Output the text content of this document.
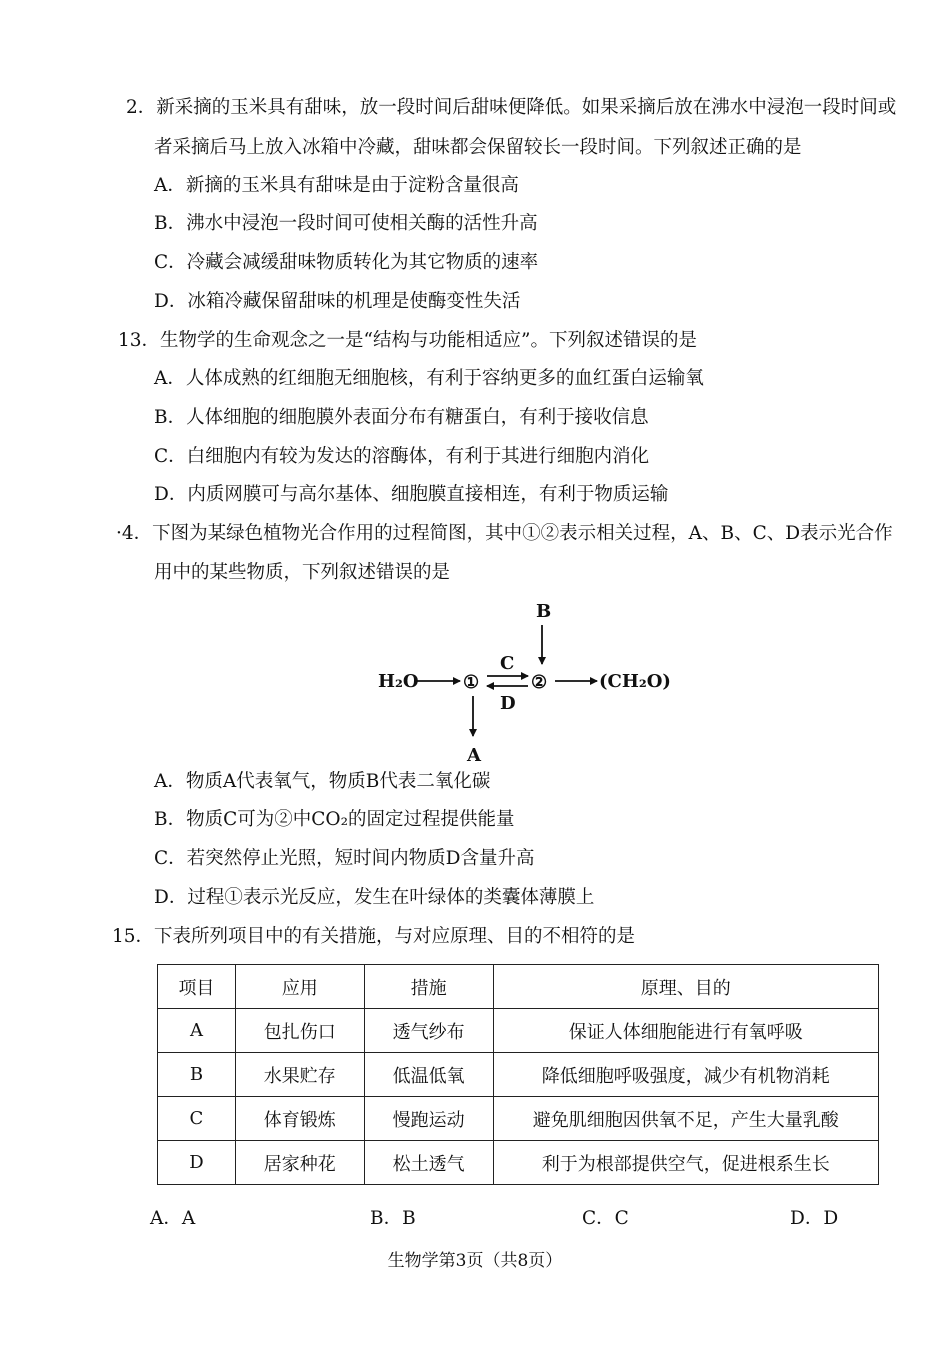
2．新采摘的玉米具有甜味，放一段时间后甜味便降低。如果采摘后放在沸水中浸泡一段时间或
者采摘后马上放入冰箱中冷藏，甜味都会保留较长一段时间。下列叙述正确的是
A．新摘的玉米具有甜味是由于淀粉含量很高
B．沸水中浸泡一段时间可使相关酶的活性升高
C．冷藏会减缓甜味物质转化为其它物质的速率
D．冰箱冷藏保留甜味的机理是使酶变性失活
13．生物学的生命观念之一是“结构与功能相适应”。下列叙述错误的是
A．人体成熟的红细胞无细胞核，有利于容纳更多的血红蛋白运输氧
B．人体细胞的细胞膜外表面分布有糖蛋白，有利于接收信息
C．白细胞内有较为发达的溶酶体，有利于其进行细胞内消化
D．内质网膜可与高尔基体、细胞膜直接相连，有利于物质运输
·4．下图为某绿色植物光合作用的过程简图，其中①②表示相关过程，A、B、C、D表示光合作
用中的某些物质，下列叙述错误的是
H₂O ①
C
D
②	(CH₂O)
B
A
A．物质A代表氧气，物质B代表二氧化碳
B．物质C可为②中CO₂的固定过程提供能量
C．若突然停止光照，短时间内物质D含量升高
D．过程①表示光反应，发生在叶绿体的类囊体薄膜上
15．下表所列项目中的有关措施，与对应原理、目的不相符的是
项目	应用	措施	原理、目的
A	包扎伤口	透气纱布	保证人体细胞能进行有氧呼吸
B	水果贮存	低温低氧	降低细胞呼吸强度，减少有机物消耗
C	体育锻炼	慢跑运动	避免肌细胞因供氧不足，产生大量乳酸
D	居家种花	松土透气	利于为根部提供空气，促进根系生长
A．A	B．B	C．C	D．D
生物学第3页（共8页）
